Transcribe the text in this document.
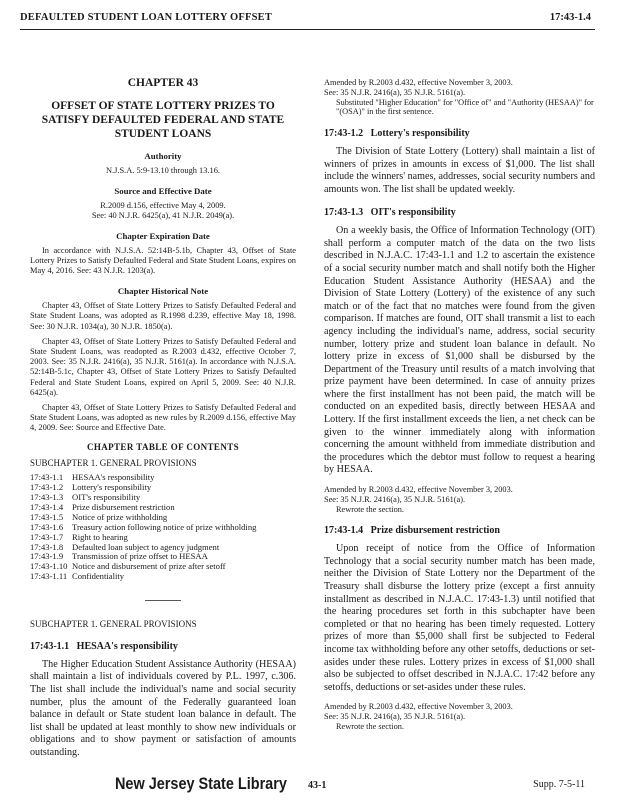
DEFAULTED STUDENT LOAN LOTTERY OFFSET	17:43-1.4
CHAPTER 43
OFFSET OF STATE LOTTERY PRIZES TO SATISFY DEFAULTED FEDERAL AND STATE STUDENT LOANS
Authority
N.J.S.A. 5:9-13.10 through 13.16.
Source and Effective Date
R.2009 d.156, effective May 4, 2009.
See: 40 N.J.R. 6425(a), 41 N.J.R. 2049(a).
Chapter Expiration Date
In accordance with N.J.S.A. 52:14B-5.1b, Chapter 43, Offset of State Lottery Prizes to Satisfy Defaulted Federal and State Student Loans, expires on May 4, 2016. See: 43 N.J.R. 1203(a).
Chapter Historical Note
Chapter 43, Offset of State Lottery Prizes to Satisfy Defaulted Federal and State Student Loans, was adopted as R.1998 d.239, effective May 18, 1998. See: 30 N.J.R. 1034(a), 30 N.J.R. 1850(a).
Chapter 43, Offset of State Lottery Prizes to Satisfy Defaulted Federal and State Student Loans, was readopted as R.2003 d.432, effective October 7, 2003. See: 35 N.J.R. 2416(a), 35 N.J.R. 5161(a). In accordance with N.J.S.A. 52:14B-5.1c, Chapter 43, Offset of State Lottery Prizes to Satisfy Defaulted Federal and State Student Loans, expired on April 5, 2009. See: 40 N.J.R. 6425(a).
Chapter 43, Offset of State Lottery Prizes to Satisfy Defaulted Federal and State Student Loans, was adopted as new rules by R.2009 d.156, effective May 4, 2009. See: Source and Effective Date.
CHAPTER TABLE OF CONTENTS
SUBCHAPTER 1. GENERAL PROVISIONS
17:43-1.1	HESAA's responsibility
17:43-1.2	Lottery's responsibility
17:43-1.3	OIT's responsibility
17:43-1.4	Prize disbursement restriction
17:43-1.5	Notice of prize withholding
17:43-1.6	Treasury action following notice of prize withholding
17:43-1.7	Right to hearing
17:43-1.8	Defaulted loan subject to agency judgment
17:43-1.9	Transmission of prize offset to HESAA
17:43-1.10	Notice and disbursement of prize after setoff
17:43-1.11	Confidentiality
SUBCHAPTER 1. GENERAL PROVISIONS
17:43-1.1 HESAA's responsibility
The Higher Education Student Assistance Authority (HESAA) shall maintain a list of individuals covered by P.L. 1997, c.306. The list shall include the individual's name and social security number, plus the amount of the Federally guaranteed loan balance in default or State student loan balance in default. The list shall be updated at least monthly to show new individuals or obligations and to show payment or satisfaction of amounts outstanding.
Amended by R.2003 d.432, effective November 3, 2003.
See: 35 N.J.R. 2416(a), 35 N.J.R. 5161(a).
Substituted "Higher Education" for "Office of" and "Authority (HESAA)" for "(OSA)" in the first sentence.
17:43-1.2 Lottery's responsibility
The Division of State Lottery (Lottery) shall maintain a list of winners of prizes in amounts in excess of $1,000. The list shall include the winners' names, addresses, social security numbers and amounts won. The list shall be updated weekly.
17:43-1.3 OIT's responsibility
On a weekly basis, the Office of Information Technology (OIT) shall perform a computer match of the data on the two lists described in N.J.A.C. 17:43-1.1 and 1.2 to ascertain the existence of a social security number match and shall notify both the Higher Education Student Assistance Authority (HESAA) and the Division of State Lottery (Lottery) of the existence of any such match or of the fact that no matches were found from the given comparison. If matches are found, OIT shall transmit a list to each agency including the individual's name, address, social security number, lottery prize and student loan balance in default. No lottery prize in excess of $1,000 shall be disbursed by the Department of the Treasury until results of a match involving that prize payment have been determined. In case of annuity prizes where the first installment has not been paid, the match will be conducted on an expedited basis, directly between HESAA and Lottery. If the first installment exceeds the lien, a net check can be given to the winner immediately along with information concerning the amount withheld from immediate distribution and the procedures which the debtor must follow to request a hearing by HESAA.
Amended by R.2003 d.432, effective November 3, 2003.
See: 35 N.J.R. 2416(a), 35 N.J.R. 5161(a).
Rewrote the section.
17:43-1.4 Prize disbursement restriction
Upon receipt of notice from the Office of Information Technology that a social security number match has been made, neither the Division of State Lottery nor the Department of the Treasury shall disburse the lottery prize (except a first annuity installment as described in N.J.A.C. 17:43-1.3) until notified that the hearing procedures set forth in this subchapter have been completed or that no hearing has been timely requested. Lottery prizes of more than $5,000 shall first be subjected to Federal income tax withholding before any other setoffs, deductions or set-asides under these rules. Lottery prizes in excess of $1,000 shall also be subjected to offset described in N.J.A.C. 17:42 before any setoffs, deductions or set-asides under these rules.
Amended by R.2003 d.432, effective November 3, 2003.
See: 35 N.J.R. 2416(a), 35 N.J.R. 5161(a).
Rewrote the section.
New Jersey State Library 43-1	Supp. 7-5-11
